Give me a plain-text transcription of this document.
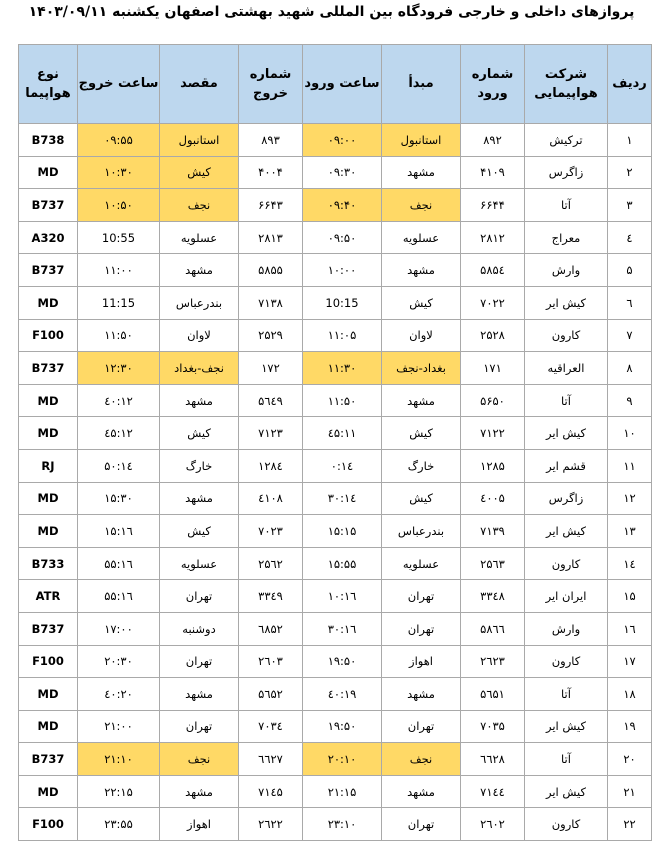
پروازهای داخلی و خارجی فرودگاه بین المللی شهید بهشتی اصفهان یکشنبه ۱۴۰۳/۰۹/۱۱
ردیف	شرکت هواپیمایی	شماره ورود	مبدأ	ساعت ورود	شماره خروج	مقصد	ساعت خروج	نوع هواپیما
۱	ترکیش	۸۹۲	استانبول	۰۹:۰۰	۸۹۳	استانبول	۰۹:۵۵	B738
۲	زاگرس	۴۱۰۹	مشهد	۰۹:۳۰	۴۰۰۴	کیش	۱۰:۳۰	MD
۳	آتا	۶۶۴۴	نجف	۰۹:۴۰	۶۶۴۳	نجف	۱۰:۵۰	B737
٤	معراج	۲۸۱۲	عسلویه	۰۹:۵۰	۲۸۱۳	عسلویه	10:55	A320
۵	وارش	۵۸۵٤	مشهد	۱۰:۰۰	۵۸۵۵	مشهد	۱۱:۰۰	B737
٦	کیش ایر	۷۰۲۲	کیش	10:15	۷۱۳۸	بندرعباس	11:15	MD
۷	کارون	۲۵۲۸	لاوان	۱۱:۰۵	۲۵۲۹	لاوان	۱۱:۵۰	F100
۸	العراقیه	۱۷۱	بغداد-نجف	۱۱:۳۰	۱۷۲	نجف-بغداد	۱۲:۳۰	B737
۹	آتا	۵۶۵۰	مشهد	۱۱:۵۰	۵٦٤۹	مشهد	۱۲:٤۰	MD
۱۰	کیش ایر	۷۱۲۲	کیش	۱۱:٤۵	۷۱۲۳	کیش	۱۲:٤۵	MD
۱۱	قشم ایر	۱۲۸۵	خارگ	۱٤:۰	۱۲۸٤	خارگ	۱٤:۵۰	RJ
۱۲	زاگرس	٤۰۰۵	کیش	۱٤:۳۰	٤۱۰۸	مشهد	۱۵:۳۰	MD
۱۳	کیش ایر	۷۱۳۹	بندرعباس	۱۵:۱۵	۷۰۲۳	کیش	۱٦:۱۵	MD
۱٤	کارون	۲۵٦۳	عسلویه	۱۵:۵۵	۲۵٦۲	عسلویه	۱٦:۵۵	B733
۱۵	ایران ایر	۳۳٤۸	تهران	۱٦:۱۰	۳۳٤۹	تهران	۱٦:۵۵	ATR
۱٦	وارش	۵۸٦٦	تهران	۱٦:۳۰	٦۸۵۲	دوشنبه	۱۷:۰۰	B737
۱۷	کارون	۲٦۲۳	اهواز	۱۹:۵۰	۲٦۰۳	تهران	۲۰:۳۰	F100
۱۸	آتا	۵٦۵۱	مشهد	۱۹:٤۰	۵٦۵۲	مشهد	۲۰:٤۰	MD
۱۹	کیش ایر	۷۰۳۵	تهران	۱۹:۵۰	۷۰۳٤	تهران	۲۱:۰۰	MD
۲۰	آتا	٦٦۲۸	نجف	۲۰:۱۰	٦٦۲۷	نجف	۲۱:۱۰	B737
۲۱	کیش ایر	۷۱٤٤	مشهد	۲۱:۱۵	۷۱٤۵	مشهد	۲۲:۱۵	MD
۲۲	کارون	۲٦۰۲	تهران	۲۳:۱۰	۲٦۲۲	اهواز	۲۳:۵۵	F100
